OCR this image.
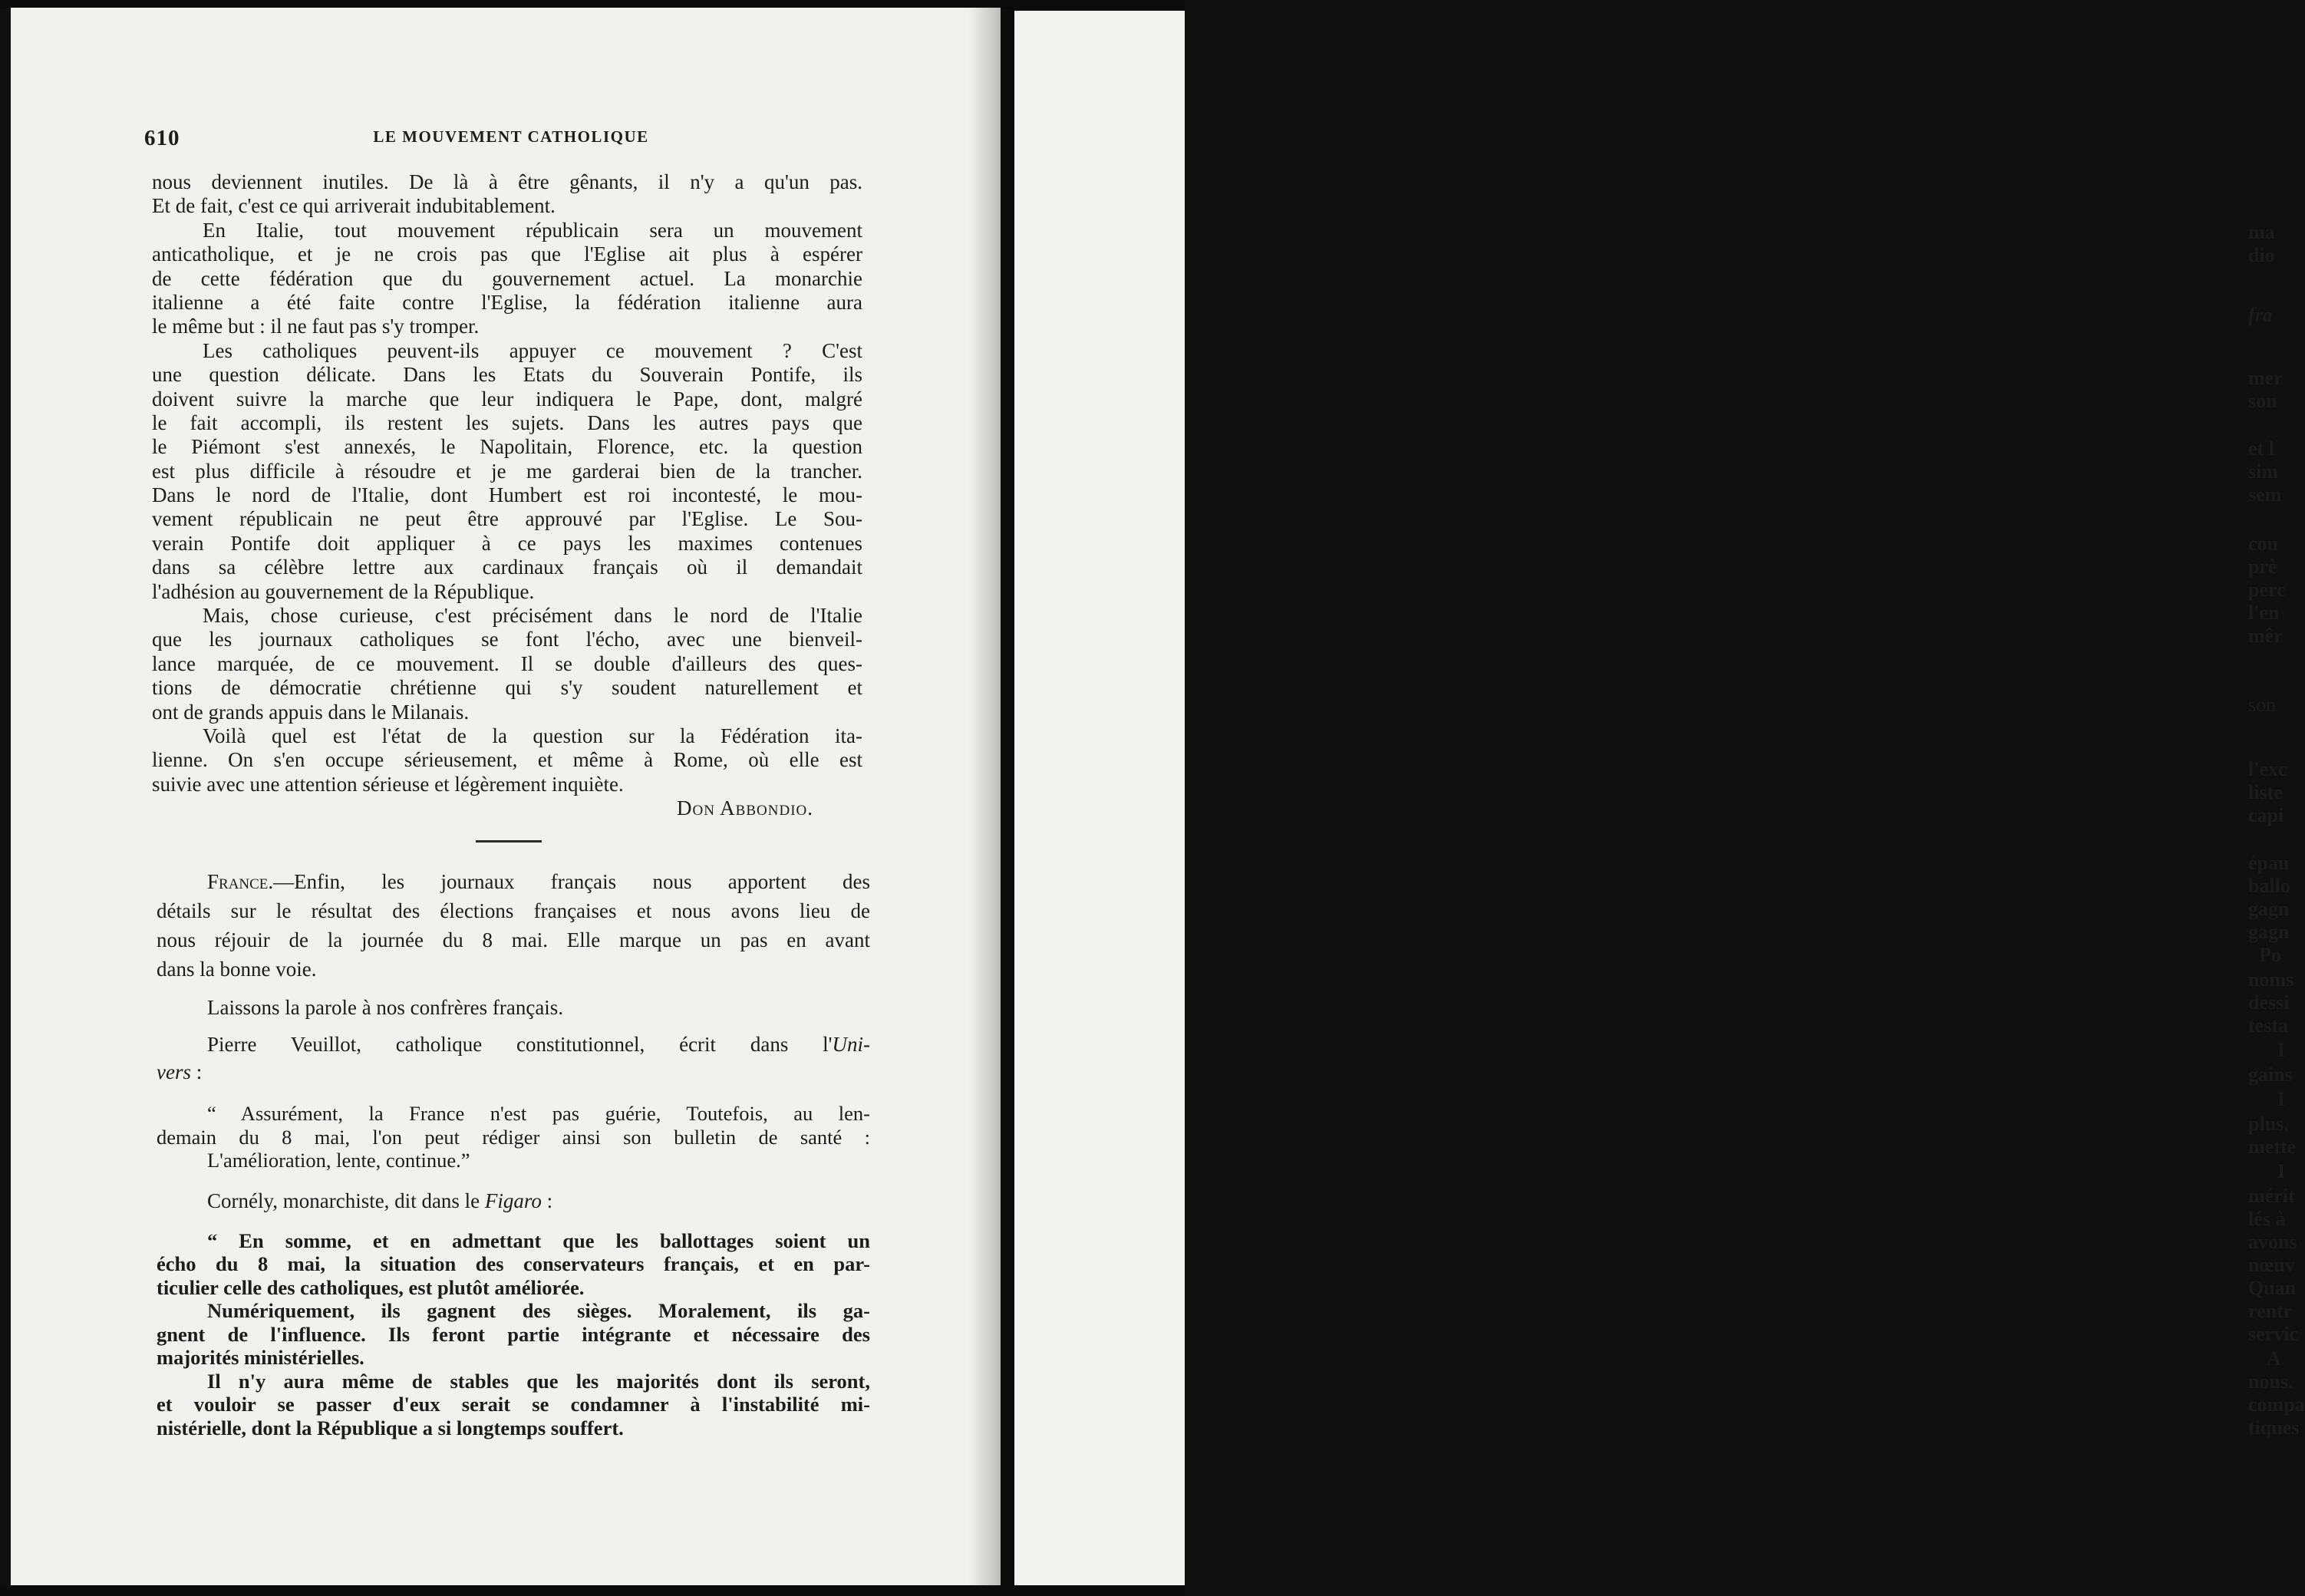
610	LE MOUVEMENT CATHOLIQUE
nous deviennent inutiles. De là à être gênants, il n'y a qu'un pas.
Et de fait, c'est ce qui arriverait indubitablement.
En Italie, tout mouvement républicain sera un mouvement
anticatholique, et je ne crois pas que l'Eglise ait plus à espérer
de cette fédération que du gouvernement actuel. La monarchie
italienne a été faite contre l'Eglise, la fédération italienne aura
le même but : il ne faut pas s'y tromper.
Les catholiques peuvent-ils appuyer ce mouvement ? C'est
une question délicate. Dans les Etats du Souverain Pontife, ils
doivent suivre la marche que leur indiquera le Pape, dont, malgré
le fait accompli, ils restent les sujets. Dans les autres pays que
le Piémont s'est annexés, le Napolitain, Florence, etc. la question
est plus difficile à résoudre et je me garderai bien de la trancher.
Dans le nord de l'Italie, dont Humbert est roi incontesté, le mou-
vement républicain ne peut être approuvé par l'Eglise. Le Sou-
verain Pontife doit appliquer à ce pays les maximes contenues
dans sa célèbre lettre aux cardinaux français où il demandait
l'adhésion au gouvernement de la République.
Mais, chose curieuse, c'est précisément dans le nord de l'Italie
que les journaux catholiques se font l'écho, avec une bienveil-
lance marquée, de ce mouvement. Il se double d'ailleurs des ques-
tions de démocratie chrétienne qui s'y soudent naturellement et
ont de grands appuis dans le Milanais.
Voilà quel est l'état de la question sur la Fédération ita-
lienne. On s'en occupe sérieusement, et même à Rome, où elle est
suivie avec une attention sérieuse et légèrement inquiète.
Don Abbondio.
France.—Enfin, les journaux français nous apportent des
détails sur le résultat des élections françaises et nous avons lieu de
nous réjouir de la journée du 8 mai. Elle marque un pas en avant
dans la bonne voie.
Laissons la parole à nos confrères français.
Pierre Veuillot, catholique constitutionnel, écrit dans l'Uni-
vers :
“ Assurément, la France n'est pas guérie, Toutefois, au len-
demain du 8 mai, l'on peut rédiger ainsi son bulletin de santé :
L'amélioration, lente, continue.”
Cornély, monarchiste, dit dans le Figaro :
“ En somme, et en admettant que les ballottages soient un
écho du 8 mai, la situation des conservateurs français, et en par-
ticulier celle des catholiques, est plutôt améliorée.
Numériquement, ils gagnent des sièges. Moralement, ils ga-
gnent de l'influence. Ils feront partie intégrante et nécessaire des
majorités ministérielles.
Il n'y aura même de stables que les majorités dont ils seront,
et vouloir se passer d'eux serait se condamner à l'instabilité mi-
nistérielle, dont la République a si longtemps souffert.
ma
dio
fra
mer
son
et l
sim
sem
cou
prè
perc
l'en
mêr
son
l'exc
liste
capi
épau
ballo
gagn
gagn
Po
noms
dessi
testa
I
gains
I
plus,
mette
I
mérit
lés à
avons
nœuv
Quan
rentr
servic
A
nous.
compa
tiques
